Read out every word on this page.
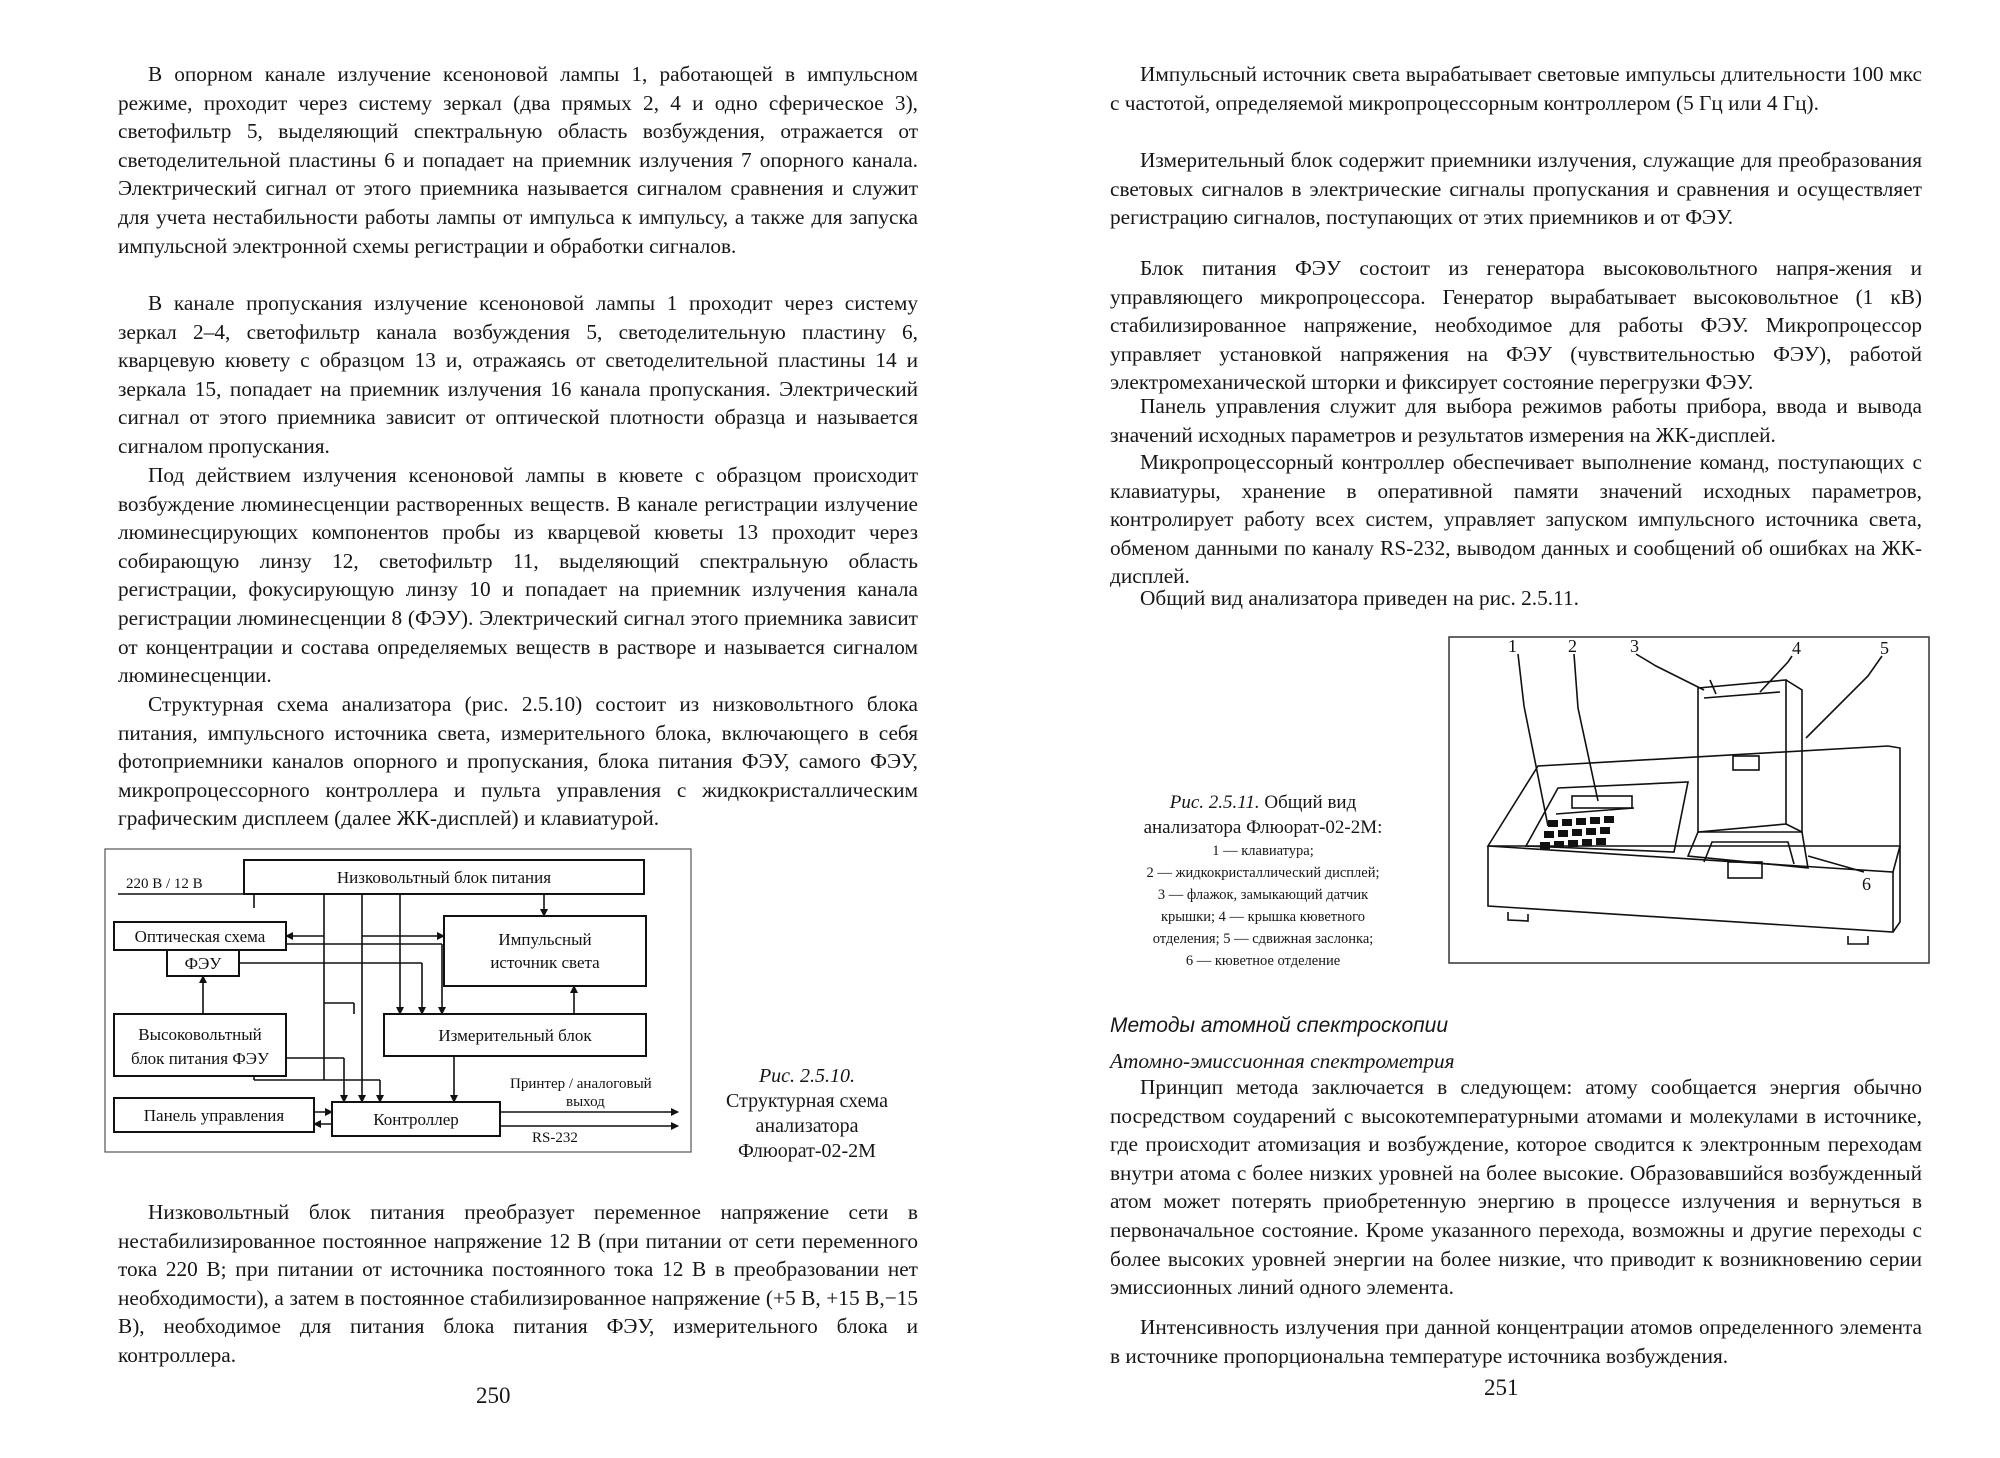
В опорном канале излучение ксеноновой лампы 1, работающей в импульсном режиме, проходит через систему зеркал (два прямых 2, 4 и одно сферическое 3), светофильтр 5, выделяющий спектральную область возбуждения, отражается от светоделительной пластины 6 и попадает на приемник излучения 7 опорного канала. Электрический сигнал от этого приемника называется сигналом сравнения и служит для учета нестабильности работы лампы от импульса к импульсу, а также для запуска импульсной электронной схемы регистрации и обработки сигналов.

В канале пропускания излучение ксеноновой лампы 1 проходит через систему зеркал 2–4, светофильтр канала возбуждения 5, светоделительную пластину 6, кварцевую кювету с образцом 13 и, отражаясь от светоделительной пластины 14 и зеркала 15, попадает на приемник излучения 16 канала пропускания. Электрический сигнал от этого приемника зависит от оптической плотности образца и называется сигналом пропускания.

Под действием излучения ксеноновой лампы в кювете с образцом происходит возбуждение люминесценции растворенных веществ. В канале регистрации излучение люминесцирующих компонентов пробы из кварцевой кюветы 13 проходит через собирающую линзу 12, светофильтр 11, выделяющий спектральную область регистрации, фокусирующую линзу 10 и попадает на приемник излучения канала регистрации люминесценции 8 (ФЭУ). Электрический сигнал этого приемника зависит от концентрации и состава определяемых веществ в растворе и называется сигналом люминесценции.

Структурная схема анализатора (рис. 2.5.10) состоит из низковольтного блока питания, импульсного источника света, измерительного блока, включающего в себя фотоприемники каналов опорного и пропускания, блока питания ФЭУ, самого ФЭУ, микропроцессорного контроллера и пульта управления с жидкокристаллическим графическим дисплеем (далее ЖК-дисплей) и клавиатурой.

Низковольтный блок питания
Оптическая схема
ФЭУ
Импульсный
источник света
Высоковольтный
блок питания ФЭУ
Измерительный блок
Панель управления	Контроллер
220 В / 12 В
Принтер / аналоговый
выход
RS-232
Рис. 2.5.10.
Структурная схема
анализатора
Флюорат-02-2М

Низковольтный блок питания преобразует переменное напряжение сети в нестабилизированное постоянное напряжение 12 В (при питании от сети переменного тока 220 В; при питании от источника постоянного тока 12 В в преобразовании нет необходимости), а затем в постоянное стабилизированное напряжение (+5 В, +15 В,−15 В), необходимое для питания блока питания ФЭУ, измерительного блока и контроллера.

250

Импульсный источник света вырабатывает световые импульсы длительности 100 мкс с частотой, определяемой микропроцессорным контроллером (5 Гц или 4 Гц).

Измерительный блок содержит приемники излучения, служащие для преобразования световых сигналов в электрические сигналы пропускания и сравнения и осуществляет регистрацию сигналов, поступающих от этих приемников и от ФЭУ.

Блок питания ФЭУ состоит из генератора высоковольтного напря-жения и управляющего микропроцессора. Генератор вырабатывает высоковольтное (1 кВ) стабилизированное напряжение, необходимое для работы ФЭУ. Микропроцессор управляет установкой напряжения на ФЭУ (чувствительностью ФЭУ), работой электромеханической шторки и фиксирует состояние перегрузки ФЭУ.

Панель управления служит для выбора режимов работы прибора, ввода и вывода значений исходных параметров и результатов измерения на ЖК-дисплей.

Микропроцессорный контроллер обеспечивает выполнение команд, поступающих с клавиатуры, хранение в оперативной памяти значений исходных параметров, контролирует работу всех систем, управляет запуском импульсного источника света, обменом данными по каналу RS-232, выводом данных и сообщений об ошибках на ЖК-дисплей.

Общий вид анализатора приведен на рис. 2.5.11.

Рис. 2.5.11. Общий вид
анализатора Флюорат-02-2М:
1 — клавиатура;
2 — жидкокристаллический дисплей;
3 — флажок, замыкающий датчик
крышки; 4 — крышка кюветного
отделения; 5 — сдвижная заслонка;
6 — кюветное отделение
1	2	3	4	5
6

Методы атомной спектроскопии

Атомно-эмиссионная спектрометрия

Принцип метода заключается в следующем: атому сообщается энергия обычно посредством соударений с высокотемпературными атомами и молекулами в источнике, где происходит атомизация и возбуждение, которое сводится к электронным переходам внутри атома с более низких уровней на более высокие. Образовавшийся возбужденный атом может потерять приобретенную энергию в процессе излучения и вернуться в первоначальное состояние. Кроме указанного перехода, возможны и другие переходы с более высоких уровней энергии на более низкие, что приводит к возникновению серии эмиссионных линий одного элемента.

Интенсивность излучения при данной концентрации атомов определенного элемента в источнике пропорциональна температуре источника возбуждения.

251
